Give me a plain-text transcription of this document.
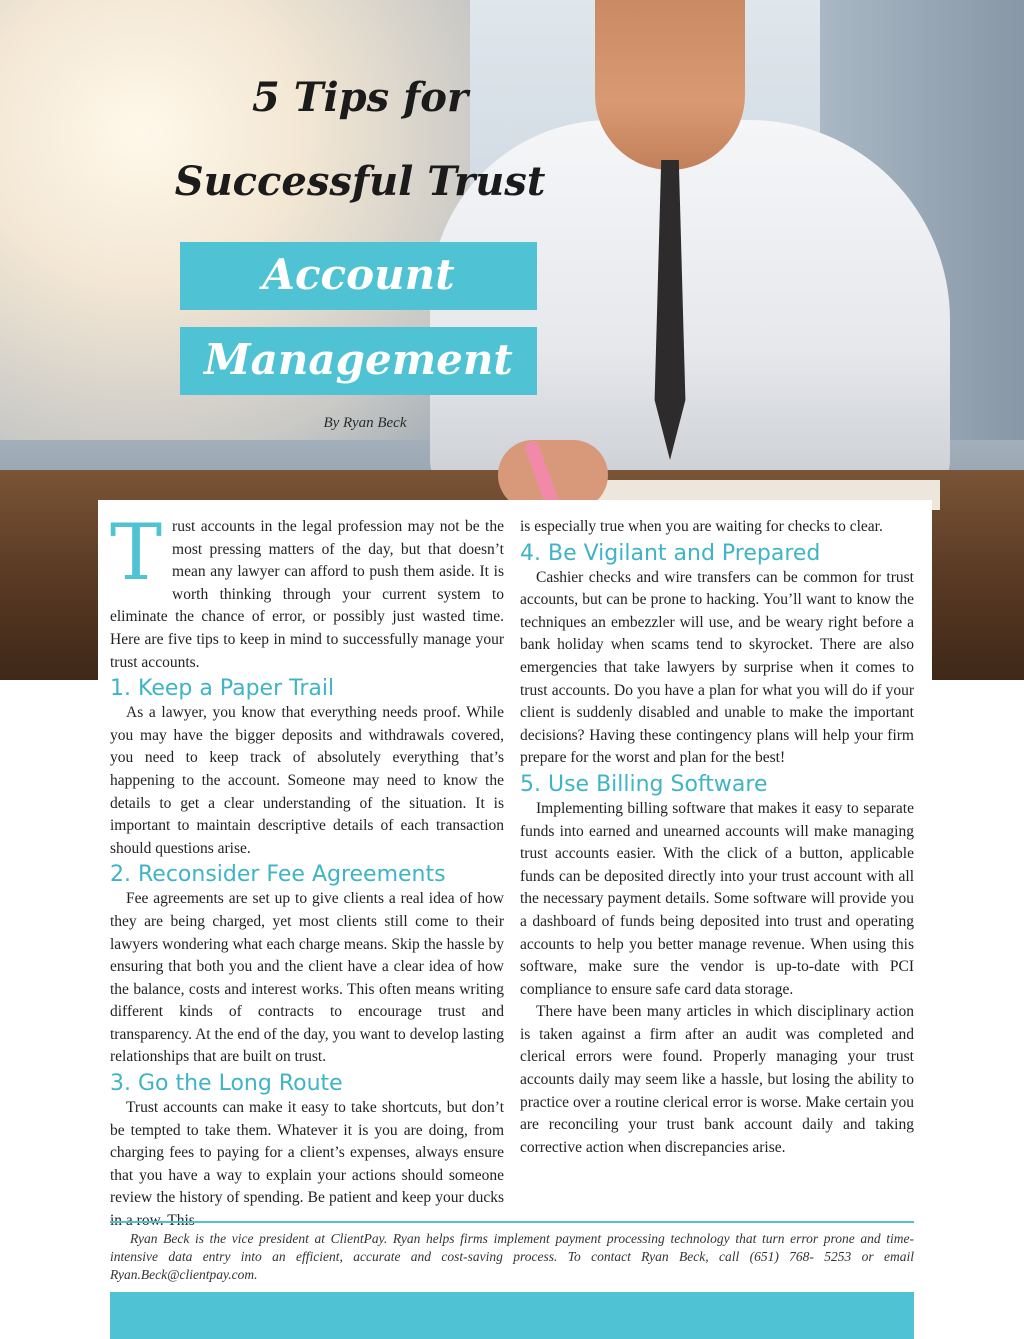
5 Tips for
Successful Trust
Account
Management
By Ryan Beck
T rust accounts in the legal profession may not be the most pressing matters of the day, but that doesn’t mean any lawyer can afford to push them aside. It is worth thinking through your current system to eliminate the chance of error, or possibly just wasted time. Here are five tips to keep in mind to successfully manage your trust accounts.

1. Keep a Paper Trail

As a lawyer, you know that everything needs proof. While you may have the bigger deposits and withdrawals covered, you need to keep track of absolutely everything that’s happening to the account. Someone may need to know the details to get a clear understanding of the situation. It is important to maintain descriptive details of each transaction should questions arise.

2. Reconsider Fee Agreements

Fee agreements are set up to give clients a real idea of how they are being charged, yet most clients still come to their lawyers wondering what each charge means. Skip the hassle by ensuring that both you and the client have a clear idea of how the balance, costs and interest works. This often means writing different kinds of contracts to encourage trust and transparency. At the end of the day, you want to develop lasting relationships that are built on trust.

3. Go the Long Route

Trust accounts can make it easy to take shortcuts, but don’t be tempted to take them. Whatever it is you are doing, from charging fees to paying for a client’s expenses, always ensure that you have a way to explain your actions should someone review the history of spending. Be patient and keep your ducks

is especially true when you are waiting for checks to clear.

4. Be Vigilant and Prepared

Cashier checks and wire transfers can be common for trust accounts, but can be prone to hacking. You’ll want to know the techniques an embezzler will use, and be weary right before a bank holiday when scams tend to skyrocket. There are also emergencies that take lawyers by surprise when it comes to trust accounts. Do you have a plan for what you will do if your client is suddenly disabled and unable to make the important decisions? Having these contingency plans will help your firm prepare for the worst and plan for the best!

5. Use Billing Software

Implementing billing software that makes it easy to separate funds into earned and unearned accounts will make managing trust accounts easier. With the click of a button, applicable funds can be deposited directly into your trust account with all the necessary payment details. Some software will provide you a dashboard of funds being deposited into trust and operating accounts to help you better manage revenue. When using this software, make sure the vendor is up-to-date with PCI compliance to ensure safe card data storage.

There have been many articles in which disciplinary action is taken against a firm after an audit was completed and clerical errors were found. Properly managing your trust accounts daily may seem like a hassle, but losing the ability to practice over a routine clerical error is worse. Make certain you are reconciling your trust bank account daily and taking corrective action when discrepancies arise.

Ryan Beck is the vice president at ClientPay. Ryan helps firms implement payment processing technology that turn error prone and time-intensive data entry into an efficient, accurate and cost-saving process. To contact Ryan Beck, call (651) 768- 5253 or email Ryan.Beck@clientpay.com.
